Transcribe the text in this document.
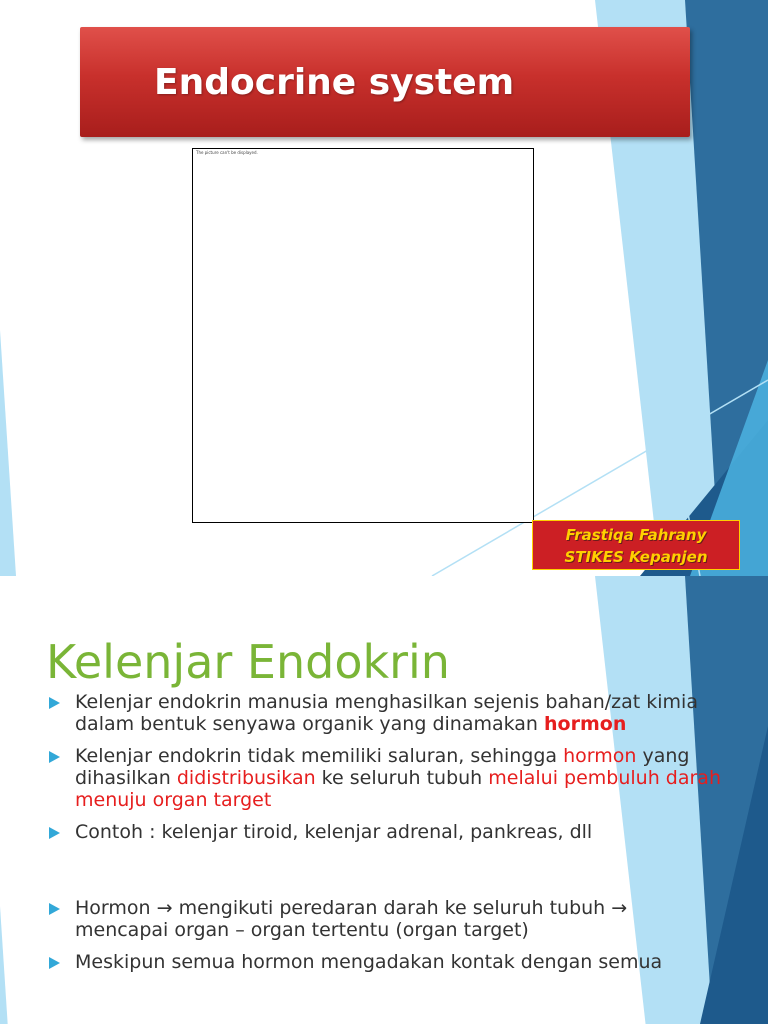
Endocrine system
The picture can't be displayed.
Frastiqa Fahrany
STIKES Kepanjen
Kelenjar Endokrin
Kelenjar endokrin manusia menghasilkan sejenis bahan/zat kimia dalam bentuk senyawa organik yang dinamakan hormon
Kelenjar endokrin tidak memiliki saluran, sehingga hormon yang dihasilkan didistribusikan ke seluruh tubuh melalui pembuluh darah menuju organ target
Contoh : kelenjar tiroid, kelenjar adrenal, pankreas, dll
Hormon → mengikuti peredaran darah ke seluruh tubuh → mencapai organ – organ tertentu (organ target)
Meskipun semua hormon mengadakan kontak dengan semua
